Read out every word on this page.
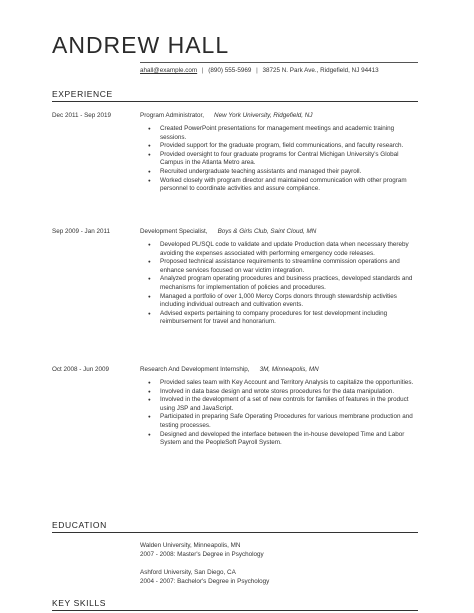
ANDREW HALL
ahall@example.com | (890) 555-5969 | 38725 N. Park Ave., Ridgefield, NJ 94413
EXPERIENCE
Dec 2011 - Sep 2019	Program Administrator, New York University, Ridgefield, NJ
● Created PowerPoint presentations for management meetings and academic training sessions.
● Provided support for the graduate program, field communications, and faculty research.
● Provided oversight to four graduate programs for Central Michigan University's Global Campus in the Atlanta Metro area.
● Recruited undergraduate teaching assistants and managed their payroll.
● Worked closely with program director and maintained communication with other program personnel to coordinate activities and assure compliance.
Sep 2009 - Jan 2011	Development Specialist, Boys & Girls Club, Saint Cloud, MN
● Developed PL/SQL code to validate and update Production data when necessary thereby avoiding the expenses associated with performing emergency code releases.
● Proposed technical assistance requirements to streamline commission operations and enhance services focused on war victim integration.
● Analyzed program operating procedures and business practices, developed standards and mechanisms for implementation of policies and procedures.
● Managed a portfolio of over 1,000 Mercy Corps donors through stewardship activities including individual outreach and cultivation events.
● Advised experts pertaining to company procedures for test development including reimbursement for travel and honorarium.
Oct 2008 - Jun 2009	Research And Development Internship, 3M, Minneapolis, MN
● Provided sales team with Key Account and Territory Analysis to capitalize the opportunities.
● Involved in data base design and wrote stores procedures for the data manipulation.
● Involved in the development of a set of new controls for families of features in the product using JSP and JavaScript.
● Participated in preparing Safe Operating Procedures for various membrane production and testing processes.
● Designed and developed the interface between the in-house developed Time and Labor System and the PeopleSoft Payroll System.
EDUCATION
Walden University, Minneapolis, MN
2007 - 2008: Master's Degree in Psychology
Ashford University, San Diego, CA
2004 - 2007: Bachelor's Degree in Psychology
KEY SKILLS
